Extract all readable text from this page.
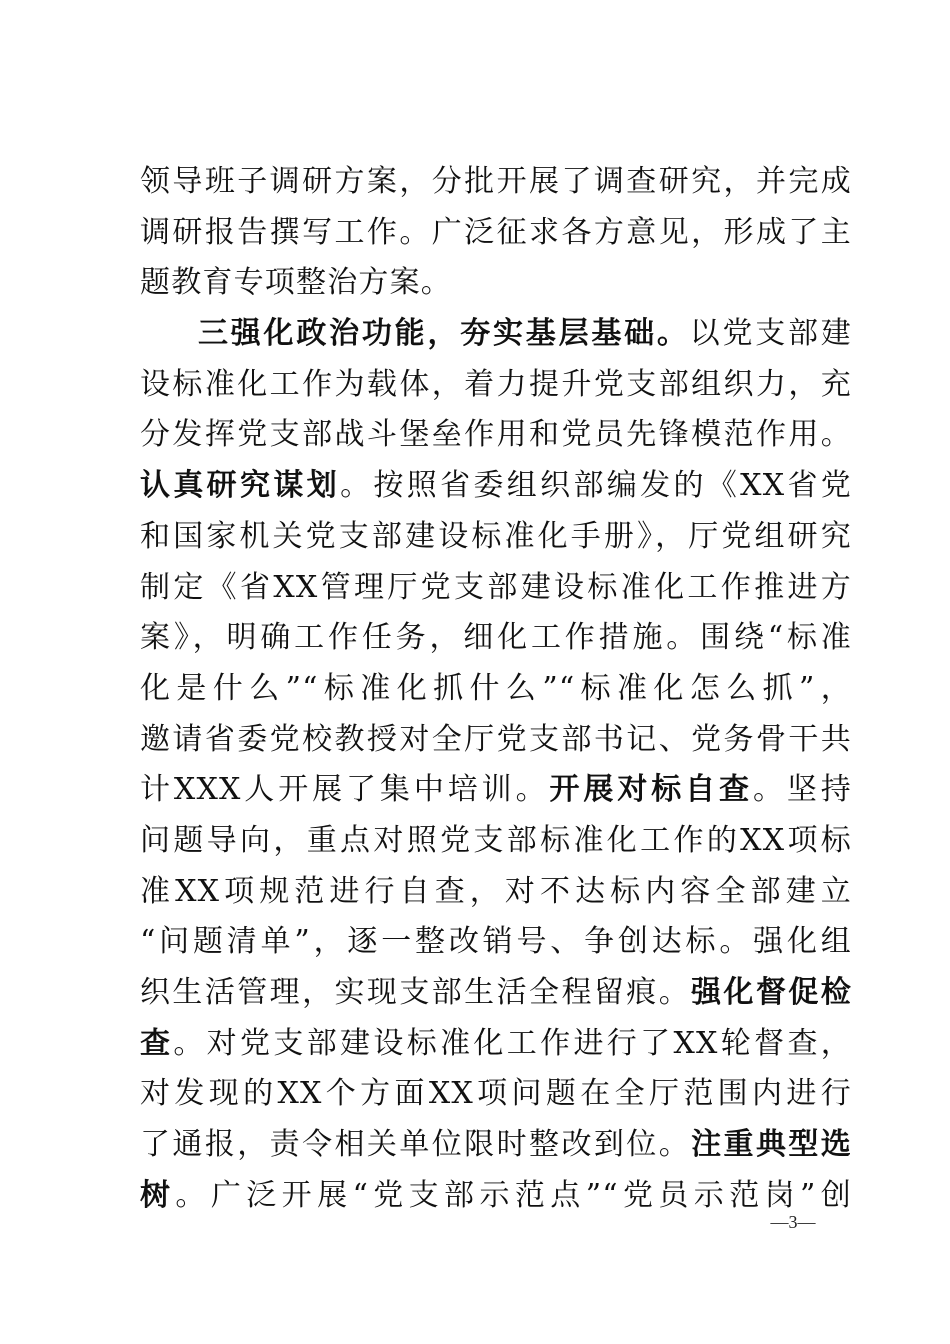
领导班子调研方案，分批开展了调查研究，并完成
调研报告撰写工作。广泛征求各方意见，形成了主
题教育专项整治方案。
三强化政治功能，夯实基层基础。以党支部建
设标准化工作为载体，着力提升党支部组织力，充
分发挥党支部战斗堡垒作用和党员先锋模范作用。
认真研究谋划。按照省委组织部编发的《XX省党
和国家机关党支部建设标准化手册》，厅党组研究
制定《省XX管理厅党支部建设标准化工作推进方
案》，明确工作任务，细化工作措施。围绕“标准
化是什么”“标准化抓什么”“标准化怎么抓”，
邀请省委党校教授对全厅党支部书记、党务骨干共
计XXX人开展了集中培训。开展对标自查。坚持
问题导向，重点对照党支部标准化工作的XX项标
准XX项规范进行自查，对不达标内容全部建立
“问题清单”，逐一整改销号、争创达标。强化组
织生活管理，实现支部生活全程留痕。强化督促检
查。对党支部建设标准化工作进行了XX轮督查，
对发现的XX个方面XX项问题在全厅范围内进行
了通报，责令相关单位限时整改到位。注重典型选
树。广泛开展“党支部示范点”“党员示范岗”创
—3—
